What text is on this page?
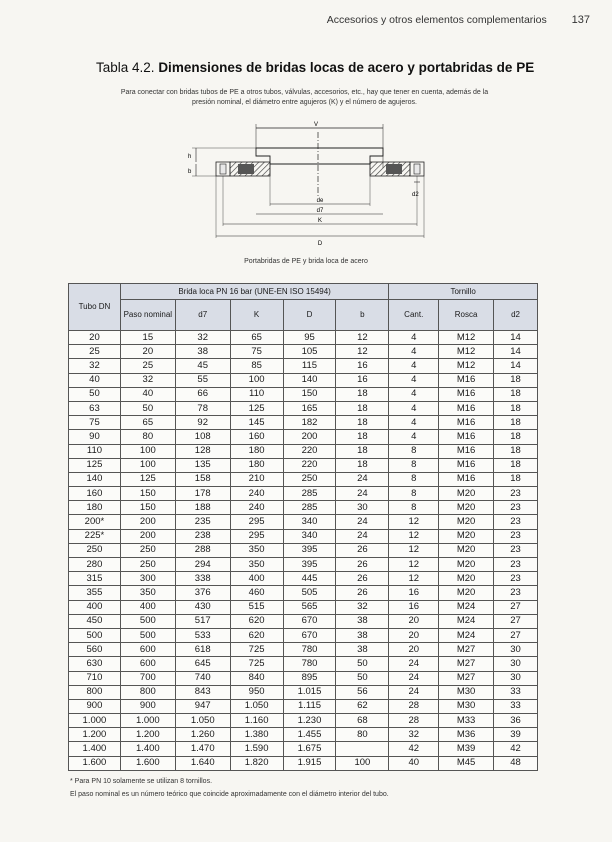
Accesorios y otros elementos complementarios 137
Tabla 4.2. Dimensiones de bridas locas de acero y portabridas de PE
Para conectar con bridas tubos de PE a otros tubos, válvulas, accesorios, etc., hay que tener en cuenta, además de la presión nominal, el diámetro entre agujeros (K) y el número de agujeros.
V
h
b
de
d7
K
D
d2
Portabridas de PE y brida loca de acero
Tubo DN	Brida loca PN 16 bar (UNE-EN ISO 15494)					Tornillo		
	Paso nominal	d7	K	D	b	Cant.	Rosca	d2
20	15	32	65	95	12	4	M12	14
25	20	38	75	105	12	4	M12	14
32	25	45	85	115	16	4	M12	14
40	32	55	100	140	16	4	M16	18
50	40	66	110	150	18	4	M16	18
63	50	78	125	165	18	4	M16	18
75	65	92	145	182	18	4	M16	18
90	80	108	160	200	18	4	M16	18
110	100	128	180	220	18	8	M16	18
125	100	135	180	220	18	8	M16	18
140	125	158	210	250	24	8	M16	18
160	150	178	240	285	24	8	M20	23
180	150	188	240	285	30	8	M20	23
200*	200	235	295	340	24	12	M20	23
225*	200	238	295	340	24	12	M20	23
250	250	288	350	395	26	12	M20	23
280	250	294	350	395	26	12	M20	23
315	300	338	400	445	26	12	M20	23
355	350	376	460	505	26	16	M20	23
400	400	430	515	565	32	16	M24	27
450	500	517	620	670	38	20	M24	27
500	500	533	620	670	38	20	M24	27
560	600	618	725	780	38	20	M27	30
630	600	645	725	780	50	24	M27	30
710	700	740	840	895	50	24	M27	30
800	800	843	950	1.015	56	24	M30	33
900	900	947	1.050	1.115	62	28	M30	33
1.000	1.000	1.050	1.160	1.230	68	28	M33	36
1.200	1.200	1.260	1.380	1.455	80	32	M36	39
1.400	1.400	1.470	1.590	1.675		42	M39	42
1.600	1.600	1.640	1.820	1.915	100	40	M45	48
* Para PN 10 solamente se utilizan 8 tornillos.
El paso nominal es un número teórico que coincide aproximadamente con el diámetro interior del tubo.
